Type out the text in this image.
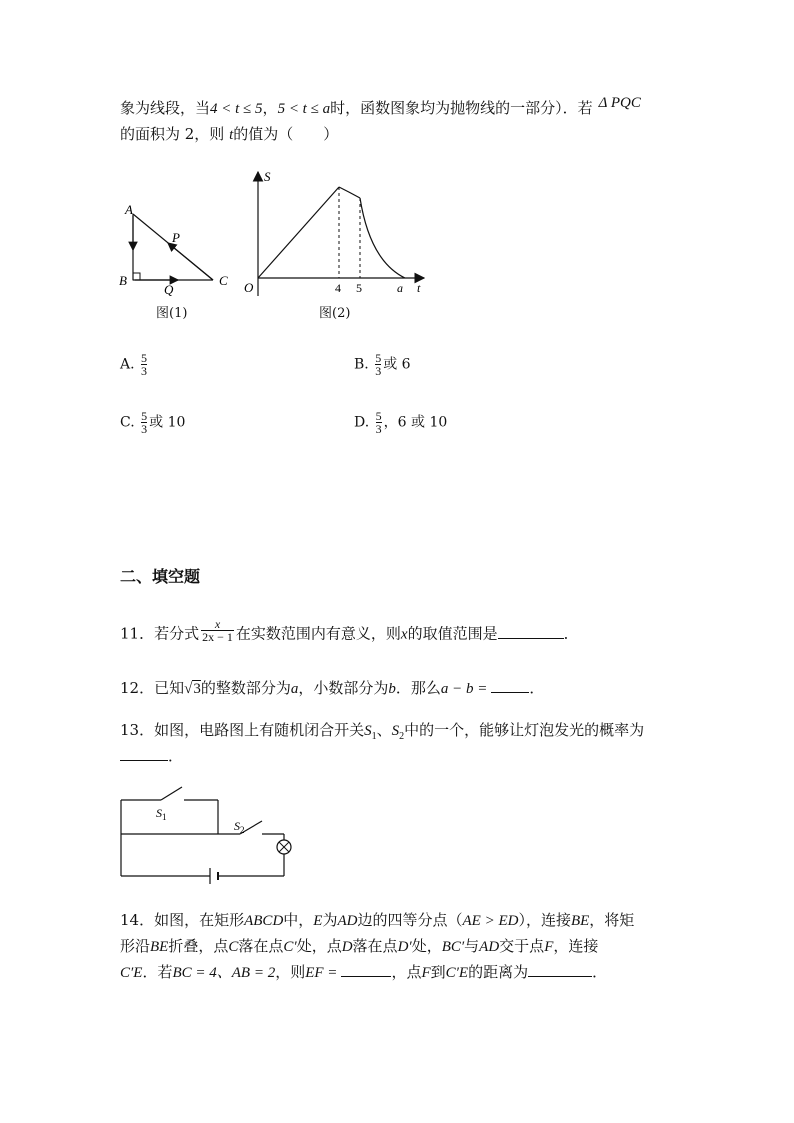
象为线段，当4 < t ≤ 5，5 < t ≤ a时，函数图象均为抛物线的一部分）．若 Δ PQC
的面积为 2，则 t的值为（　　）
A
B	C
P
Q
图(1)
S
O	4 5	a t
图(2)
A. $\frac{5}{3}$	B. $\frac{5}{3}$ 或 6
C. $\frac{5}{3}$ 或 10	D. $\frac{5}{3}$ ，6 或 10
二、填空题
11．若分式 $\frac{x}{2x - 1}$ 在实数范围内有意义，则x的取值范围是	．
12．已知√3的整数部分为a，小数部分为b．那么a − b =	．
13．如图，电路图上有随机闭合开关$S_1$、$S_2$中的一个，能够让灯泡发光的概率为
．
$S_1$
$S_2$
14．如图，在矩形ABCD中，E为AD边的四等分点（AE > ED），连接BE，将矩
形沿BE折叠，点C落在点C′处，点D落在点D′处，BC′与AD交于点F，连接
C′E．若BC = 4、AB = 2，则EF =	，点F到C′E的距离为	．
